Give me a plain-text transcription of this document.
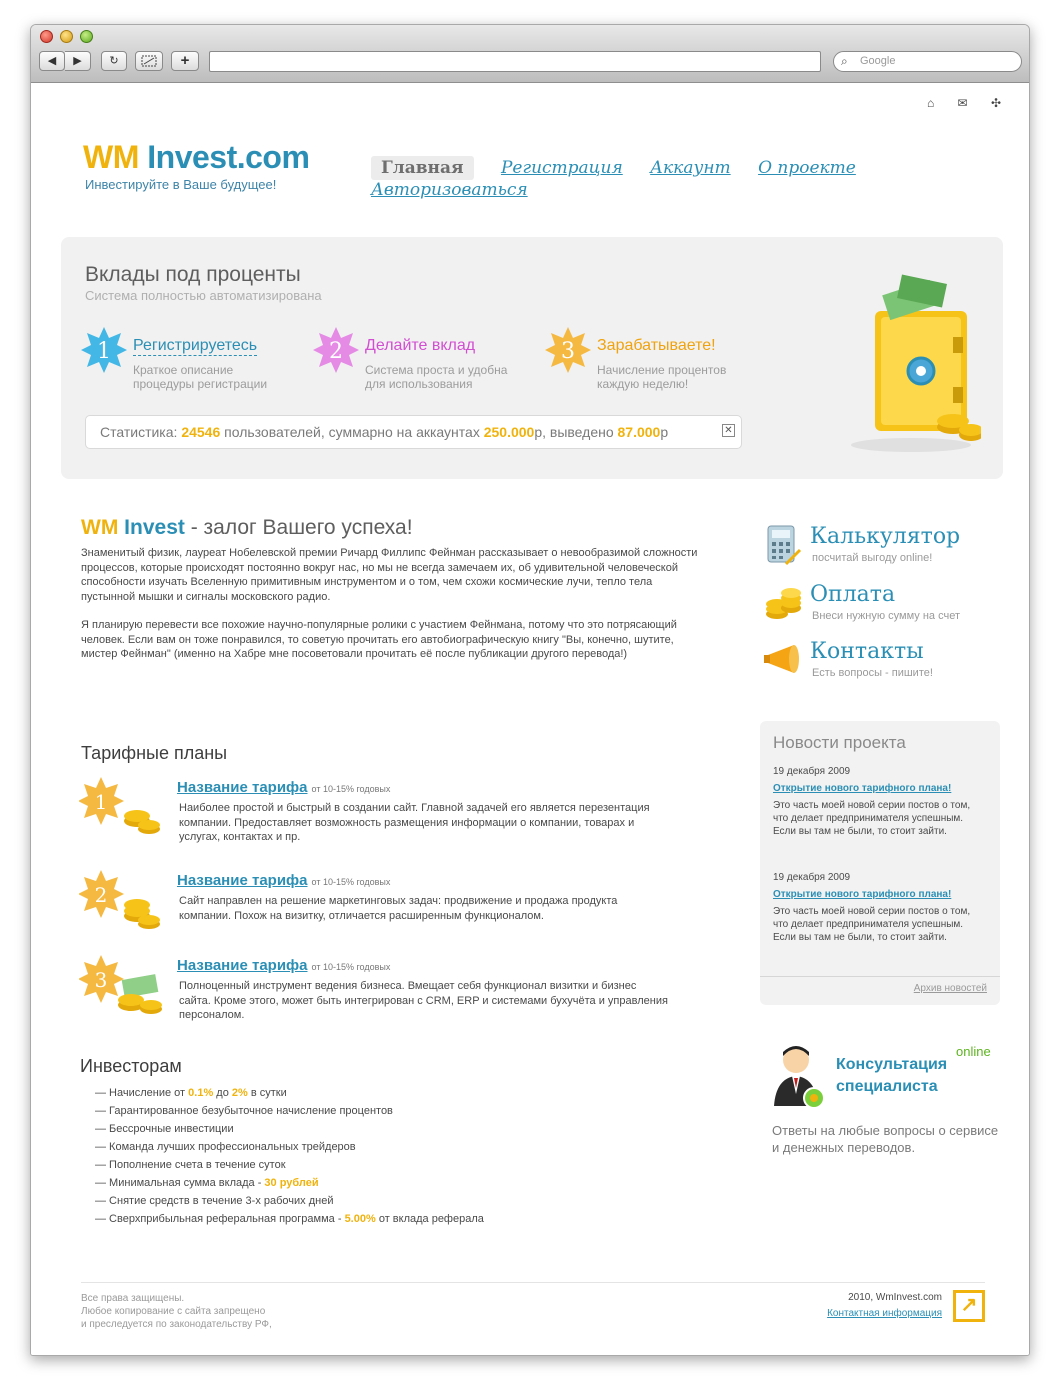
◀	▶	↻	+	⌕ Google
⌂ ✉ ✣
WM Invest.com
Инвестируйте в Ваше будущее!
Главная Регистрация Аккаунт О проекте Авторизоваться
Вклады под проценты
Система полностью автоматизирована
1 Регистрируетесь
Краткое описание
процедуры регистрации
2 Делайте вклад
Система проста и удобна
для использования
3 Зарабатываете!
Начисление процентов
каждую неделю!
Статистика: 24546 пользователей, суммарно на аккаунтах 250.000р, выведено 87.000р	✕
WM Invest - залог Вашего успеха!

Знаменитый физик, лауреат Нобелевской премии Ричард Филлипс Фейнман рассказывает о невообразимой сложности процессов, которые происходят постоянно вокруг нас, но мы не всегда замечаем их, об удивительной человеческой способности изучать Вселенную примитивным инструментом и о том, чем схожи космические лучи, тепло тела пустынной мышки и сигналы московского радио.

Я планирую перевести все похожие научно-популярные ролики с участием Фейнмана, потому что это потрясающий человек. Если вам он тоже понравился, то советую прочитать его автобиографическую книгу "Вы, конечно, шутите, мистер Фейнман" (именно на Хабре мне посоветовали прочитать её после публикации другого перевода!)

Тарифные планы
1
Название тарифа от 10-15% годовых
Наиболее простой и быстрый в создании сайт. Главной задачей его является перезентация компании. Предоставляет возможность размещения информации о компании, товарах и услугах, контактах и пр.
2
Название тарифа от 10-15% годовых
Сайт направлен на решение маркетинговых задач: продвижение и продажа продукта компании. Похож на визитку, отличается расширенным функционалом.
3
Название тарифа от 10-15% годовых
Полноценный инструмент ведения бизнеса. Вмещает себя функционал визитки и бизнес сайта. Кроме этого, может быть интегрирован с CRM, ERP и системами бухучёта и управления персоналом.
Инвесторам
— Начисление от 0.1% до 2% в сутки
— Гарантированное безубыточное начисление процентов
— Бессрочные инвестиции
— Команда лучших профессиональных трейдеров
— Пополнение счета в течение суток
— Минимальная сумма вклада - 30 рублей
— Снятие средств в течение 3-х рабочих дней
— Сверхприбыльная реферальная программа - 5.00% от вклада реферала
Калькулятор
посчитай выгоду online!
Оплата
Внеси нужную сумму на счет
Контакты
Есть вопросы - пишите!
Новости проекта
19 декабря 2009
Открытие нового тарифного плана!
Это часть моей новой серии постов о том, что делает предпринимателя успешным. Если вы там не были, то стоит зайти.
19 декабря 2009
Открытие нового тарифного плана!
Это часть моей новой серии постов о том, что делает предпринимателя успешным. Если вы там не были, то стоит зайти.
Архив новостей
online
Консультация
специалиста
Ответы на любые вопросы о сервисе и денежных переводов.
Все права защищены.
Любое копирование с сайта запрещено
и преследуется по законодательству РФ,
2010, WmInvest.com
Контактная информация ↗
